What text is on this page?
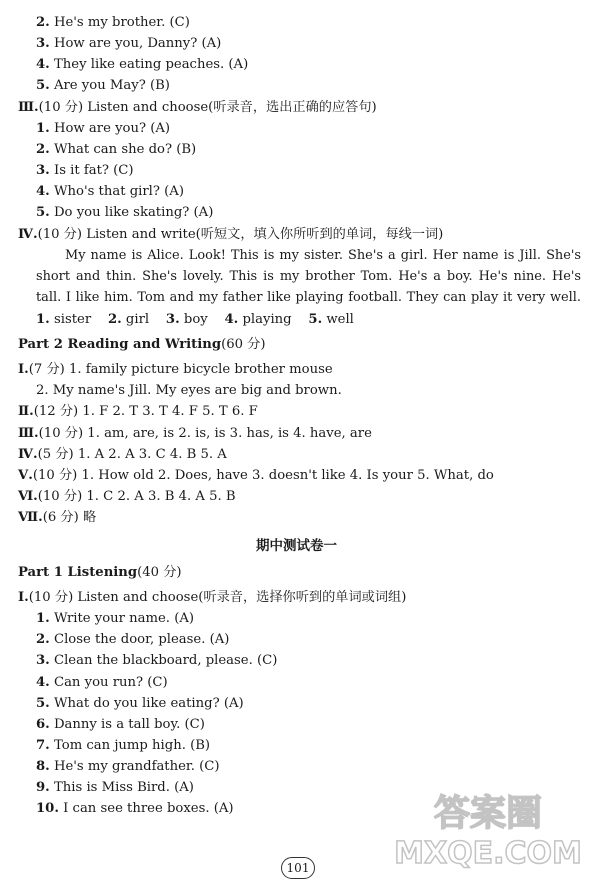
2. He's my brother. (C)
3. How are you, Danny? (A)
4. They like eating peaches. (A)
5. Are you May? (B)
Ⅲ.(10 分) Listen and choose(听录音，选出正确的应答句)
1. How are you? (A)
2. What can she do? (B)
3. Is it fat? (C)
4. Who's that girl? (A)
5. Do you like skating? (A)
Ⅳ.(10 分) Listen and write(听短文，填入你所听到的单词，每线一词)
My name is Alice. Look! This is my sister. She's a girl. Her name is Jill. She's
short and thin. She's lovely. This is my brother Tom. He's a boy. He's nine. He's
tall. I like him. Tom and my father like playing football. They can play it very well.
1. sister 2. girl 3. boy 4. playing 5. well
Part 2 Reading and Writing(60 分)
Ⅰ.(7 分) 1. family picture bicycle brother mouse
2. My name's Jill. My eyes are big and brown.
Ⅱ.(12 分) 1. F 2. T 3. T 4. F 5. T 6. F
Ⅲ.(10 分) 1. am, are, is 2. is, is 3. has, is 4. have, are
Ⅳ.(5 分) 1. A 2. A 3. C 4. B 5. A
Ⅴ.(10 分) 1. How old 2. Does, have 3. doesn't like 4. Is your 5. What, do
Ⅵ.(10 分) 1. C 2. A 3. B 4. A 5. B
Ⅶ.(6 分) 略
期中测试卷一
Part 1 Listening(40 分)
Ⅰ.(10 分) Listen and choose(听录音，选择你听到的单词或词组)
1. Write your name. (A)
2. Close the door, please. (A)
3. Clean the blackboard, please. (C)
4. Can you run? (C)
5. What do you like eating? (A)
6. Danny is a tall boy. (C)
7. Tom can jump high. (B)
8. He's my grandfather. (C)
9. This is Miss Bird. (A)
10. I can see three boxes. (A)
101
答案圈
MXQE.COM
